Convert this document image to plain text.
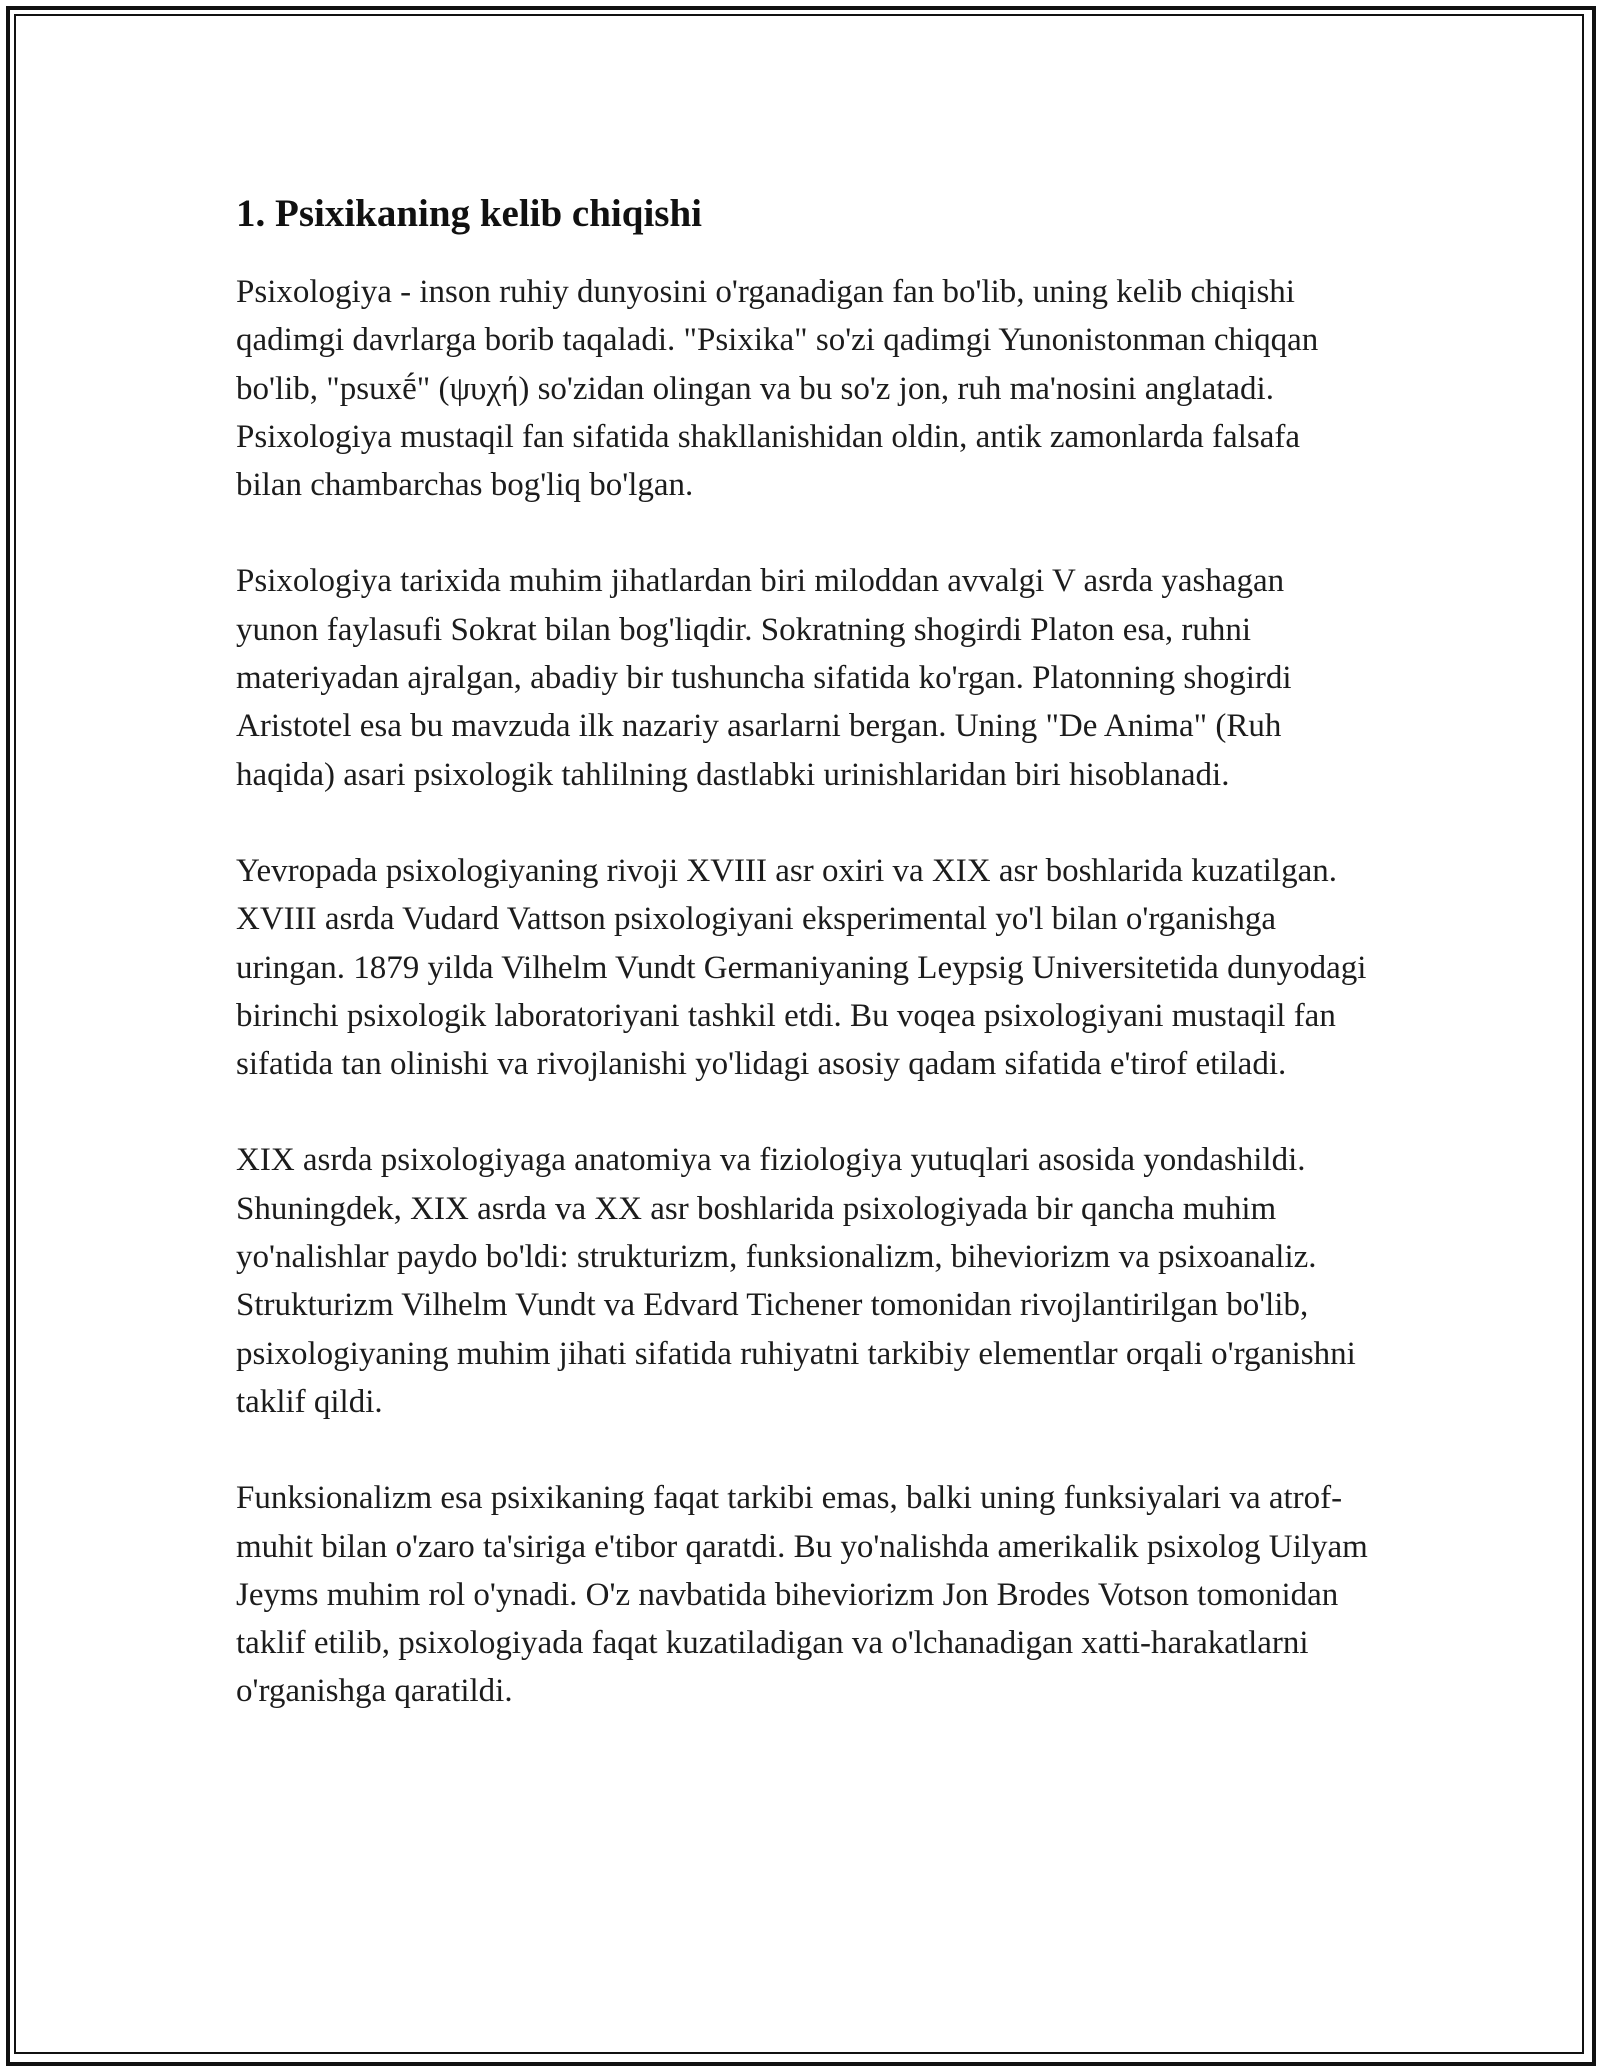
1. Psixikaning kelib chiqishi

Psixologiya - inson ruhiy dunyosini o'rganadigan fan bo'lib, uning kelib chiqishi qadimgi davrlarga borib taqaladi. "Psixika" so'zi qadimgi Yunonistonman chiqqan bo'lib, "psuxḗ" (ψυχή) so'zidan olingan va bu so'z jon, ruh ma'nosini anglatadi. Psixologiya mustaqil fan sifatida shakllanishidan oldin, antik zamonlarda falsafa bilan chambarchas bog'liq bo'lgan.

Psixologiya tarixida muhim jihatlardan biri miloddan avvalgi V asrda yashagan yunon faylasufi Sokrat bilan bog'liqdir. Sokratning shogirdi Platon esa, ruhni materiyadan ajralgan, abadiy bir tushuncha sifatida ko'rgan. Platonning shogirdi Aristotel esa bu mavzuda ilk nazariy asarlarni bergan. Uning "De Anima" (Ruh haqida) asari psixologik tahlilning dastlabki urinishlaridan biri hisoblanadi.

Yevropada psixologiyaning rivoji XVIII asr oxiri va XIX asr boshlarida kuzatilgan. XVIII asrda Vudard Vattson psixologiyani eksperimental yo'l bilan o'rganishga uringan. 1879 yilda Vilhelm Vundt Germaniyaning Leypsig Universitetida dunyodagi birinchi psixologik laboratoriyani tashkil etdi. Bu voqea psixologiyani mustaqil fan sifatida tan olinishi va rivojlanishi yo'lidagi asosiy qadam sifatida e'tirof etiladi.

XIX asrda psixologiyaga anatomiya va fiziologiya yutuqlari asosida yondashildi. Shuningdek, XIX asrda va XX asr boshlarida psixologiyada bir qancha muhim yo'nalishlar paydo bo'ldi: strukturizm, funksionalizm, biheviorizm va psixoanaliz. Strukturizm Vilhelm Vundt va Edvard Tichener tomonidan rivojlantirilgan bo'lib, psixologiyaning muhim jihati sifatida ruhiyatni tarkibiy elementlar orqali o'rganishni taklif qildi.

Funksionalizm esa psixikaning faqat tarkibi emas, balki uning funksiyalari va atrof-muhit bilan o'zaro ta'siriga e'tibor qaratdi. Bu yo'nalishda amerikalik psixolog Uilyam Jeyms muhim rol o'ynadi. O'z navbatida biheviorizm Jon Brodes Votson tomonidan taklif etilib, psixologiyada faqat kuzatiladigan va o'lchanadigan xatti-harakatlarni o'rganishga qaratildi.
